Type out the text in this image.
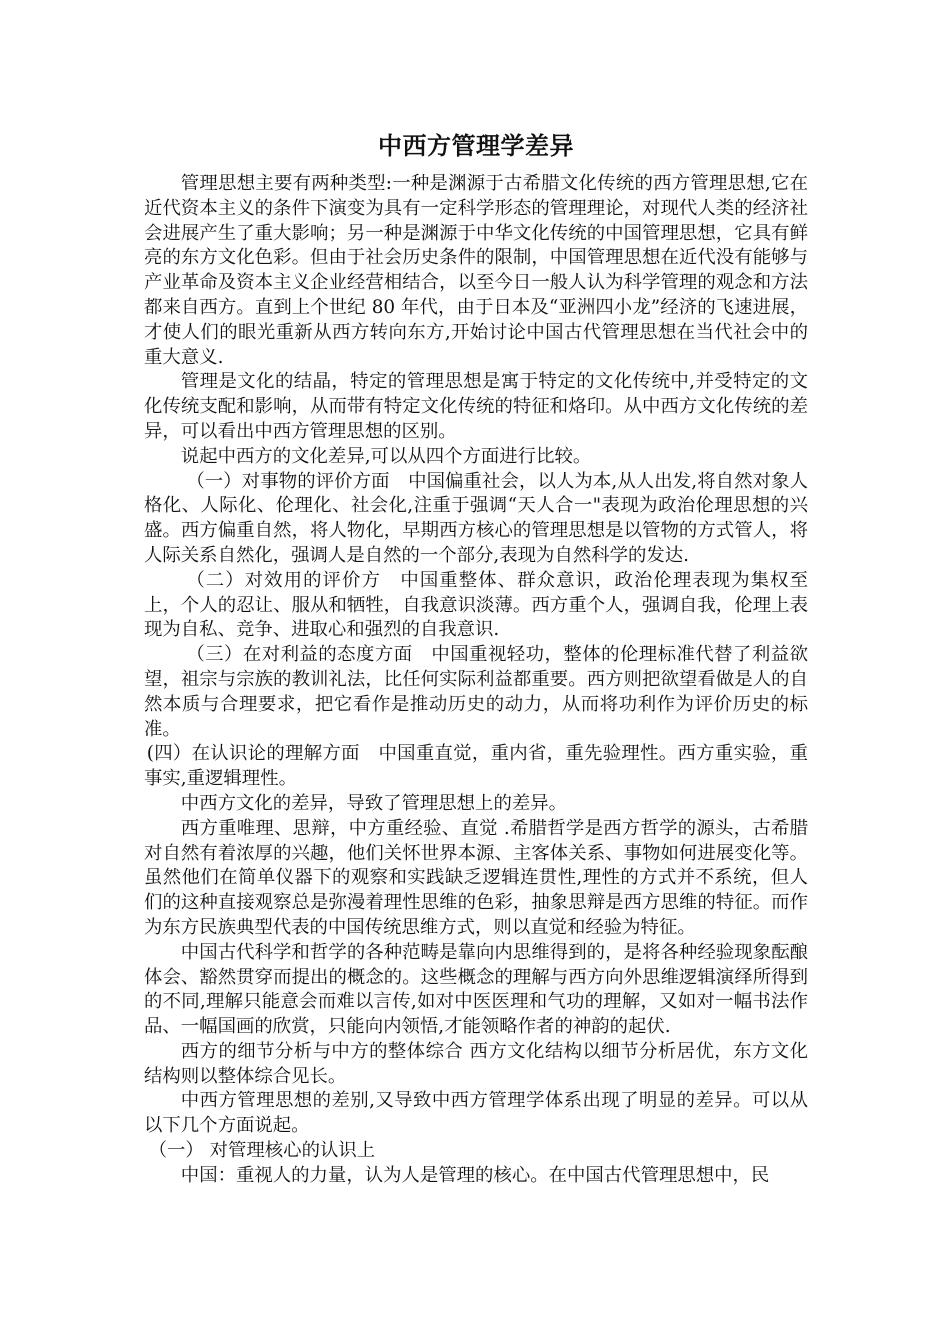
中西方管理学差异

管理思想主要有两种类型:一种是渊源于古希腊文化传统的西方管理思想,它在近代资本主义的条件下演变为具有一定科学形态的管理理论，对现代人类的经济社会进展产生了重大影响；另一种是渊源于中华文化传统的中国管理思想，它具有鲜亮的东方文化色彩。但由于社会历史条件的限制，中国管理思想在近代没有能够与产业革命及资本主义企业经营相结合，以至今日一般人认为科学管理的观念和方法都来自西方。直到上个世纪 80 年代，由于日本及“亚洲四小龙”经济的飞速进展，才使人们的眼光重新从西方转向东方,开始讨论中国古代管理思想在当代社会中的重大意义.

管理是文化的结晶，特定的管理思想是寓于特定的文化传统中,并受特定的文化传统支配和影响，从而带有特定文化传统的特征和烙印。从中西方文化传统的差异，可以看出中西方管理思想的区别。

说起中西方的文化差异,可以从四个方面进行比较。

（一）对事物的评价方面　中国偏重社会，以人为本,从人出发,将自然对象人格化、人际化、伦理化、社会化,注重于强调“天人合一"表现为政治伦理思想的兴盛。西方偏重自然，将人物化，早期西方核心的管理思想是以管物的方式管人，将人际关系自然化，强调人是自然的一个部分,表现为自然科学的发达.

（二）对效用的评价方　中国重整体、群众意识，政治伦理表现为集权至上，个人的忍让、服从和牺牲，自我意识淡薄。西方重个人，强调自我，伦理上表现为自私、竞争、进取心和强烈的自我意识.

（三）在对利益的态度方面　中国重视轻功，整体的伦理标准代替了利益欲望，祖宗与宗族的教训礼法，比任何实际利益都重要。西方则把欲望看做是人的自然本质与合理要求，把它看作是推动历史的动力，从而将功利作为评价历史的标准。

(四）在认识论的理解方面　中国重直觉，重内省，重先验理性。西方重实验，重事实,重逻辑理性。

中西方文化的差异，导致了管理思想上的差异。

西方重唯理、思辩，中方重经验、直觉 .希腊哲学是西方哲学的源头，古希腊对自然有着浓厚的兴趣，他们关怀世界本源、主客体关系、事物如何进展变化等。虽然他们在简单仪器下的观察和实践缺乏逻辑连贯性,理性的方式并不系统，但人们的这种直接观察总是弥漫着理性思维的色彩，抽象思辩是西方思维的特征。而作为东方民族典型代表的中国传统思维方式，则以直觉和经验为特征。

中国古代科学和哲学的各种范畴是靠向内思维得到的，是将各种经验现象酝酿体会、豁然贯穿而提出的概念的。这些概念的理解与西方向外思维逻辑演绎所得到的不同,理解只能意会而难以言传,如对中医医理和气功的理解，又如对一幅书法作品、一幅国画的欣赏，只能向内领悟,才能领略作者的神韵的起伏.

西方的细节分析与中方的整体综合 西方文化结构以细节分析居优，东方文化结构则以整体综合见长。

中西方管理思想的差别,又导致中西方管理学体系出现了明显的差异。可以从以下几个方面说起。

（一） 对管理核心的认识上

中国：重视人的力量，认为人是管理的核心。在中国古代管理思想中，民
